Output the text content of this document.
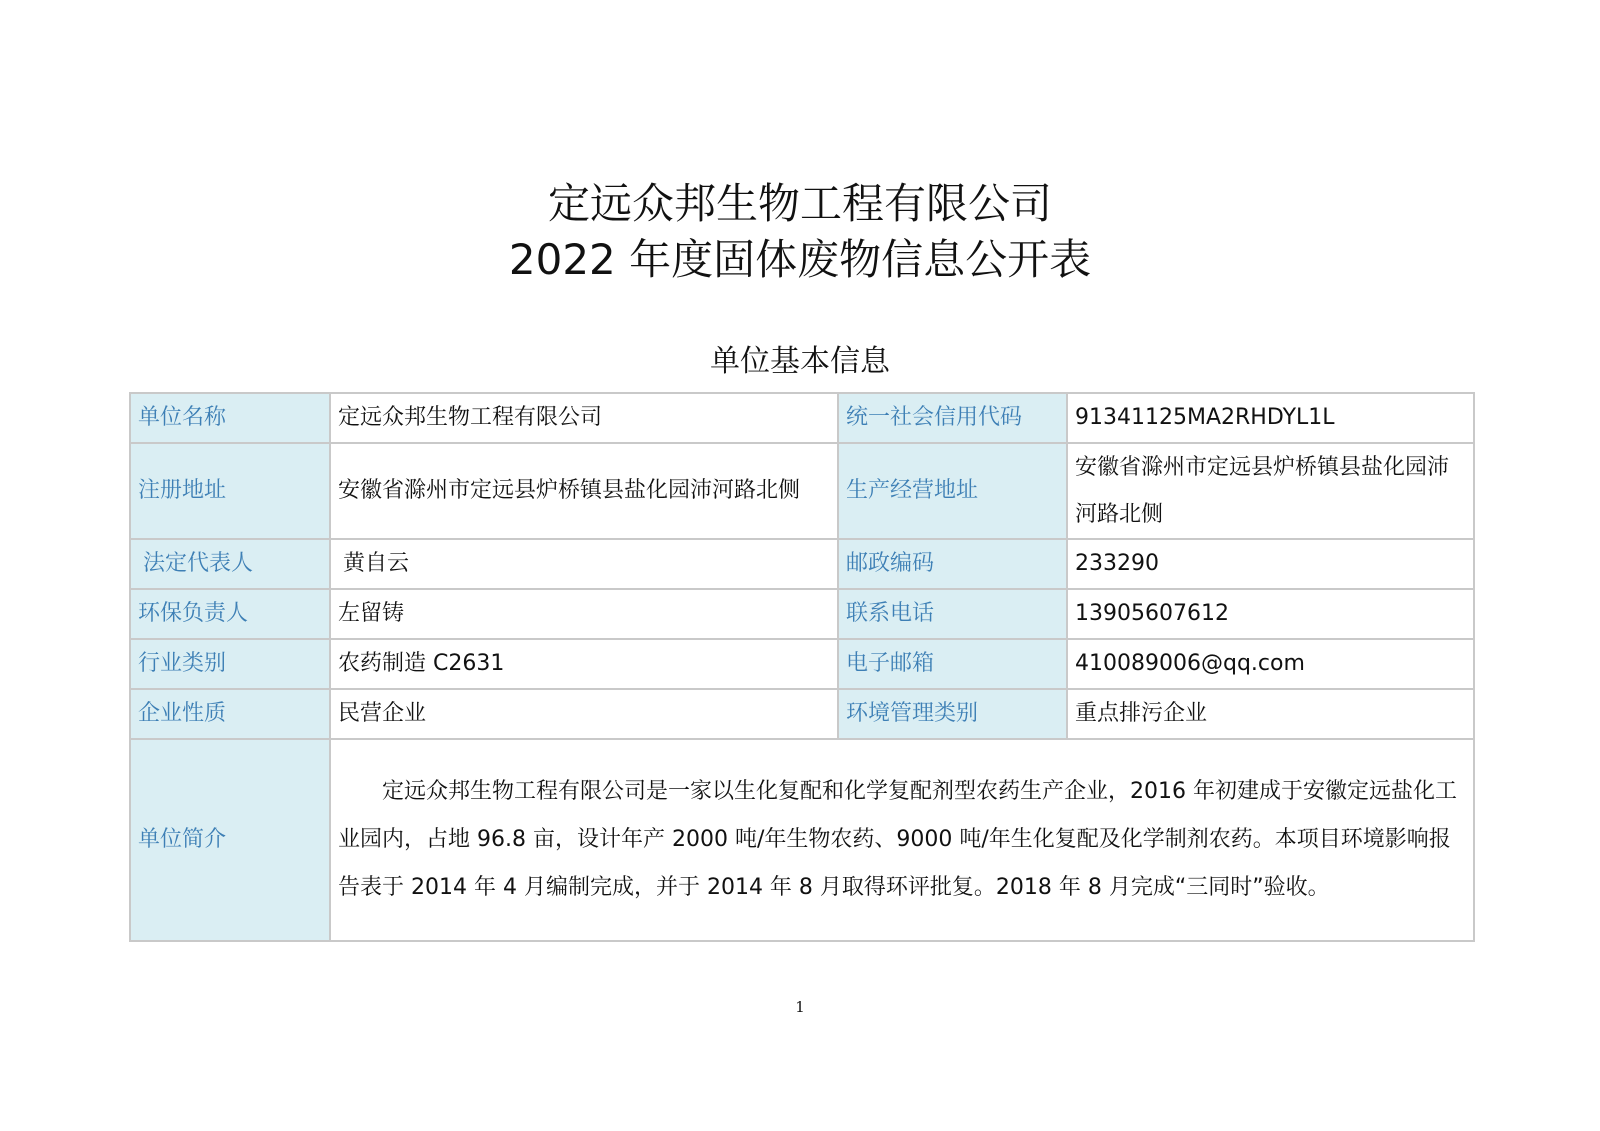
定远众邦生物工程有限公司
2022 年度固体废物信息公开表
单位基本信息
单位名称	定远众邦生物工程有限公司	统一社会信用代码	91341125MA2RHDYL1L
注册地址	安徽省滁州市定远县炉桥镇县盐化园沛河路北侧	生产经营地址	安徽省滁州市定远县炉桥镇县盐化园沛河路北侧
法定代表人	黄自云	邮政编码	233290
环保负责人	左留铸	联系电话	13905607612
行业类别	农药制造 C2631	电子邮箱	410089006@qq.com
企业性质	民营企业	环境管理类别	重点排污企业
单位简介	定远众邦生物工程有限公司是一家以生化复配和化学复配剂型农药生产企业，2016 年初建成于安徽定远盐化工业园内，占地 96.8 亩，设计年产 2000 吨/年生物农药、9000 吨/年生化复配及化学制剂农药。本项目环境影响报告表于 2014 年 4 月编制完成，并于 2014 年 8 月取得环评批复。2018 年 8 月完成“三同时”验收。		
1
